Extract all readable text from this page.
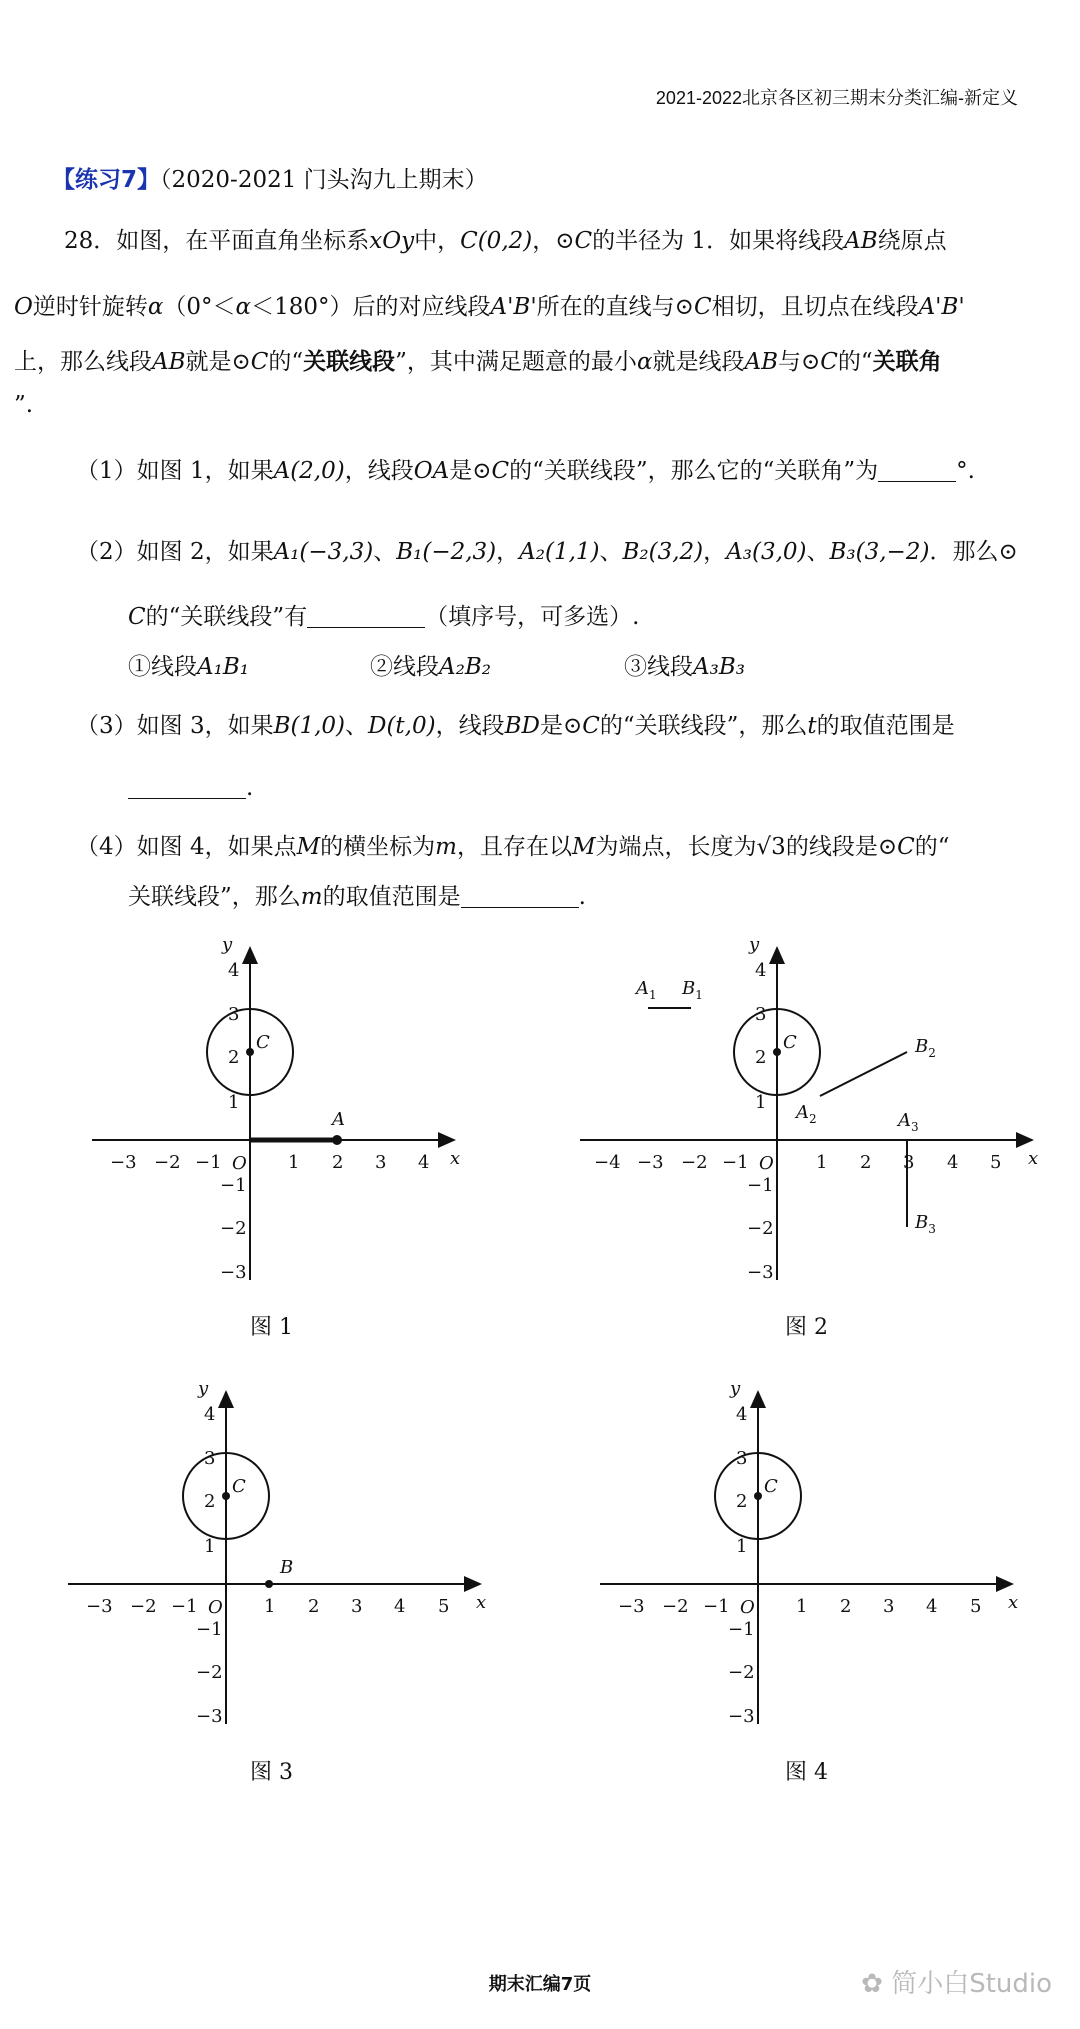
2021-2022北京各区初三期末分类汇编-新定义
【练习7】（2020-2021 门头沟九上期末）
28．如图，在平面直角坐标系xOy中，C(0,2)，⊙C的半径为 1．如果将线段AB绕原点
O逆时针旋转α（0°＜α＜180°）后的对应线段A'B'所在的直线与⊙C相切，且切点在线段A'B'
上，那么线段AB就是⊙C的“关联线段”，其中满足题意的最小α就是线段AB与⊙C的“关联角
”.
（1）如图 1，如果A(2,0)，线段OA是⊙C的“关联线段”，那么它的“关联角”为	°.
（2）如图 2，如果A₁(−3,3)、B₁(−2,3)，A₂(1,1)、B₂(3,2)，A₃(3,0)、B₃(3,−2)．那么⊙
C的“关联线段”有	（填序号，可多选）.
①线段A₁B₁	②线段A₂B₂	③线段A₃B₃
（3）如图 3，如果B(1,0)、D(t,0)，线段BD是⊙C的“关联线段”，那么t的取值范围是
.
（4）如图 4，如果点M的横坐标为m，且存在以M为端点，长度为√3的线段是⊙C的“
关联线段”，那么m的取值范围是	.
−3 −2 −1	1 2 3 4
4
3
2
1
−1
−2
−3
O	x
y
C
A
图 1
−4 −3 −2 −1	1 2 3 4 5
4
3
2
1
−1
−2
−3
O	x
y
C
$A_1$ $B_1$
$A_2$
$B_2$
$A_3$
$B_3$
图 2
−3 −2 −1	1 2 3 4 5
4
3
2
1
−1
−2
−3
O	x
y
C
B
图 3
−3 −2 −1	1 2 3 4 5
4
3
2
1
−1
−2
−3
O	x
y
C
图 4
期末汇编7页	✿ 简小白Studio
